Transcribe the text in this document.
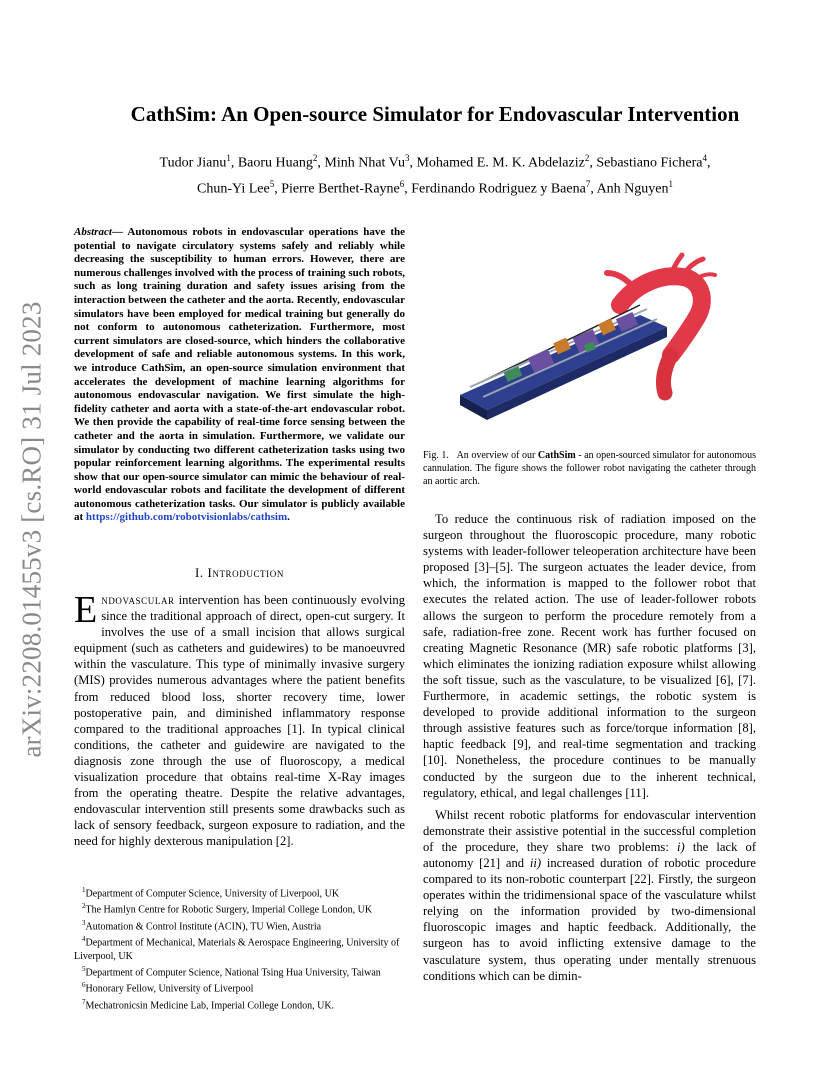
arXiv:2208.01455v3 [cs.RO] 31 Jul 2023
CathSim: An Open-source Simulator for Endovascular Intervention
Tudor Jianu$^1$, Baoru Huang$^2$, Minh Nhat Vu$^3$, Mohamed E. M. K. Abdelaziz$^2$, Sebastiano Fichera$^4$,
Chun-Yi Lee$^5$, Pierre Berthet-Rayne$^6$, Ferdinando Rodriguez y Baena$^7$, Anh Nguyen$^1$
Abstract— Autonomous robots in endovascular operations have the potential to navigate circulatory systems safely and reliably while decreasing the susceptibility to human errors. However, there are numerous challenges involved with the process of training such robots, such as long training duration and safety issues arising from the interaction between the catheter and the aorta. Recently, endovascular simulators have been employed for medical training but generally do not conform to autonomous catheterization. Furthermore, most current simulators are closed-source, which hinders the collaborative development of safe and reliable autonomous systems. In this work, we introduce CathSim, an open-source simulation environment that accelerates the development of machine learning algorithms for autonomous endovascular navigation. We first simulate the high-fidelity catheter and aorta with a state-of-the-art endovascular robot. We then provide the capability of real-time force sensing between the catheter and the aorta in simulation. Furthermore, we validate our simulator by conducting two different catheterization tasks using two popular reinforcement learning algorithms. The experimental results show that our open-source simulator can mimic the behaviour of real-world endovascular robots and facilitate the development of different autonomous catheterization tasks. Our simulator is publicly available at https://github.com/robotvisionlabs/cathsim.
I. Introduction

Endovascular intervention has been continuously evolving since the traditional approach of direct, open-cut surgery. It involves the use of a small incision that allows surgical equipment (such as catheters and guidewires) to be manoeuvred within the vasculature. This type of minimally invasive surgery (MIS) provides numerous advantages where the patient benefits from reduced blood loss, shorter recovery time, lower postoperative pain, and diminished inflammatory response compared to the traditional approaches [1]. In typical clinical conditions, the catheter and guidewire are navigated to the diagnosis zone through the use of fluoroscopy, a medical visualization procedure that obtains real-time X-Ray images from the operating theatre. Despite the relative advantages, endovascular intervention still presents some drawbacks such as lack of sensory feedback, surgeon exposure to radiation, and the need for highly dexterous manipulation [2].

$^1$Department of Computer Science, University of Liverpool, UK
$^2$The Hamlyn Centre for Robotic Surgery, Imperial College London, UK
$^3$Automation & Control Institute (ACIN), TU Wien, Austria
$^4$Department of Mechanical, Materials & Aerospace Engineering, University of Liverpool, UK
$^5$Department of Computer Science, National Tsing Hua University, Taiwan
$^6$Honorary Fellow, University of Liverpool
$^7$Mechatronicsin Medicine Lab, Imperial College London, UK.
Fig. 1. An overview of our CathSim - an open-sourced simulator for autonomous cannulation. The figure shows the follower robot navigating the catheter through an aortic arch.

To reduce the continuous risk of radiation imposed on the surgeon throughout the fluoroscopic procedure, many robotic systems with leader-follower teleoperation architecture have been proposed [3]–[5]. The surgeon actuates the leader device, from which, the information is mapped to the follower robot that executes the related action. The use of leader-follower robots allows the surgeon to perform the procedure remotely from a safe, radiation-free zone. Recent work has further focused on creating Magnetic Resonance (MR) safe robotic platforms [3], which eliminates the ionizing radiation exposure whilst allowing the soft tissue, such as the vasculature, to be visualized [6], [7]. Furthermore, in academic settings, the robotic system is developed to provide additional information to the surgeon through assistive features such as force/torque information [8], haptic feedback [9], and real-time segmentation and tracking [10]. Nonetheless, the procedure continues to be manually conducted by the surgeon due to the inherent technical, regulatory, ethical, and legal challenges [11].

Whilst recent robotic platforms for endovascular intervention demonstrate their assistive potential in the successful completion of the procedure, they share two problems: i) the lack of autonomy [21] and ii) increased duration of robotic procedure compared to its non-robotic counterpart [22]. Firstly, the surgeon operates within the tridimensional space of the vasculature whilst relying on the information provided by two-dimensional fluoroscopic images and haptic feedback. Additionally, the surgeon has to avoid inflicting extensive damage to the vasculature system, thus operating under mentally strenuous conditions which can be dimin-
